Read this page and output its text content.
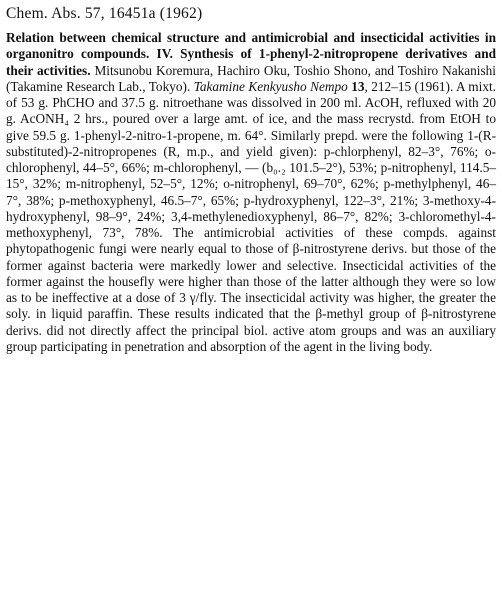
Chem. Abs. 57, 16451a (1962)

Relation between chemical structure and antimicrobial and insecticidal activities in organonitro compounds. IV. Synthesis of 1-phenyl-2-nitropropene derivatives and their activities. Mitsunobu Koremura, Hachiro Oku, Toshio Shono, and Toshiro Nakanishi (Takamine Research Lab., Tokyo). Takamine Kenkyusho Nempo 13, 212–15 (1961). A mixt. of 53 g. PhCHO and 37.5 g. nitroethane was dissolved in 200 ml. AcOH, refluxed with 20 g. AcONH₄ 2 hrs., poured over a large amt. of ice, and the mass recrystd. from EtOH to give 59.5 g. 1-phenyl-2-nitro-1-propene, m. 64°. Similarly prepd. were the following 1-(R-substituted)-2-nitropropenes (R, m.p., and yield given): p-chlorphenyl, 82–3°, 76%; o-chlorophenyl, 44–5°, 66%; m-chlorophenyl, — (b₀.₂ 101.5–2°), 53%; p-nitrophenyl, 114.5–15°, 32%; m-nitrophenyl, 52–5°, 12%; o-nitrophenyl, 69–70°, 62%; p-methylphenyl, 46–7°, 38%; p-methoxyphenyl, 46.5–7°, 65%; p-hydroxyphenyl, 122–3°, 21%; 3-methoxy-4-hydroxyphenyl, 98–9°, 24%; 3,4-methylenedioxyphenyl, 86–7°, 82%; 3-chloromethyl-4-methoxyphenyl, 73°, 78%. The antimicrobial activities of these compds. against phytopathogenic fungi were nearly equal to those of β-nitrostyrene derivs. but those of the former against bacteria were markedly lower and selective. Insecticidal activities of the former against the housefly were higher than those of the latter although they were so low as to be ineffective at a dose of 3 γ/fly. The insecticidal activity was higher, the greater the soly. in liquid paraffin. These results indicated that the β-methyl group of β-nitrostyrene derivs. did not directly affect the principal biol. active atom groups and was an auxiliary group participating in penetration and absorption of the agent in the living body.
